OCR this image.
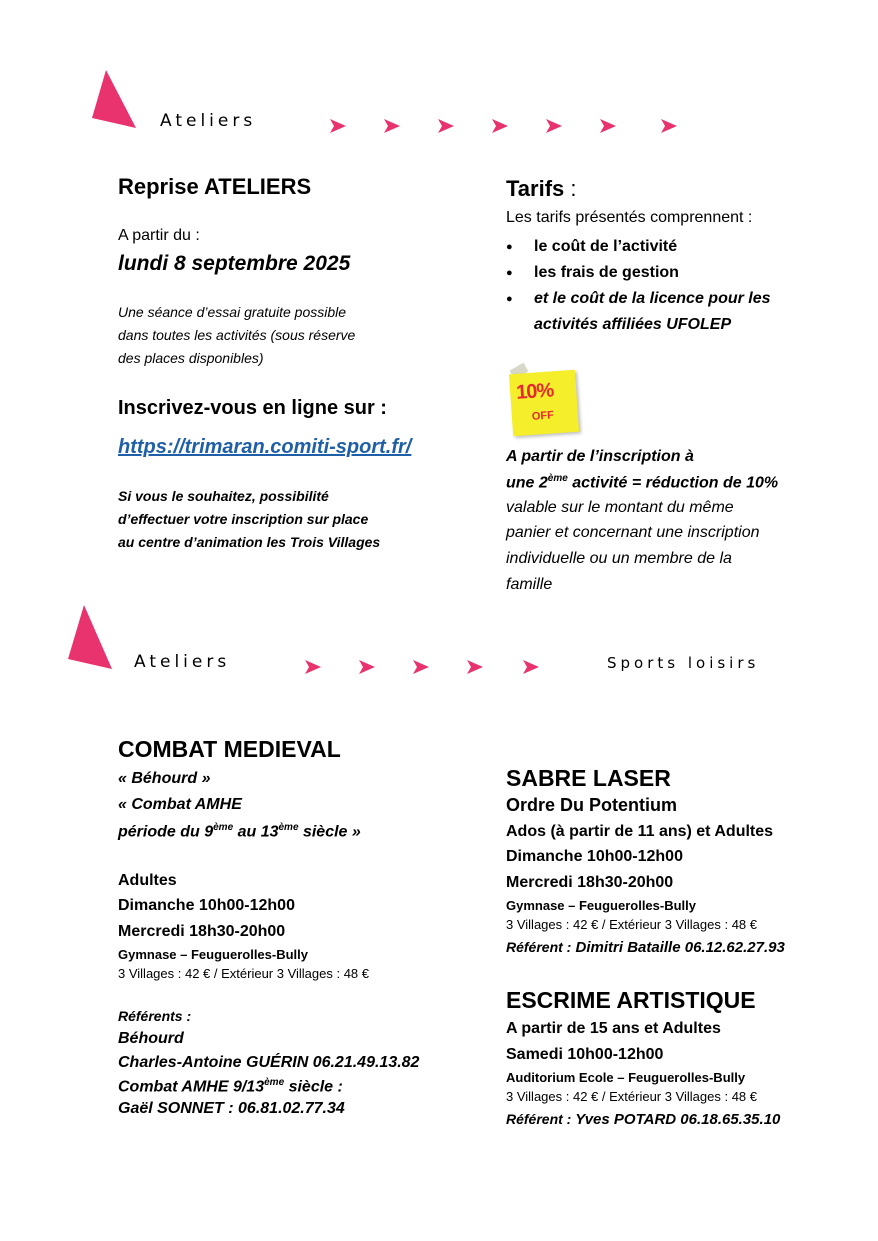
Ateliers
Reprise ATELIERS
A partir du :
lundi 8 septembre 2025
Une séance d’essai gratuite possible
dans toutes les activités (sous réserve
des places disponibles)
Inscrivez-vous en ligne sur :
https://trimaran.comiti-sport.fr/
Si vous le souhaitez, possibilité
d’effectuer votre inscription sur place
au centre d’animation les Trois Villages
Tarifs :
Les tarifs présentés comprennent :
● le coût de l’activité
● les frais de gestion
● et le coût de la licence pour les
activités affiliées UFOLEP
10%
OFF
A partir de l’inscription à
une 2ème activité = réduction de 10%
valable sur le montant du même
panier et concernant une inscription
individuelle ou un membre de la
famille
Ateliers	Sports loisirs
COMBAT MEDIEVAL
« Béhourd »
« Combat AMHE
période du 9ème au 13ème siècle »
Adultes
Dimanche 10h00-12h00
Mercredi 18h30-20h00
Gymnase – Feuguerolles-Bully
3 Villages : 42 € / Extérieur 3 Villages : 48 €
Référents :
Béhourd
Charles-Antoine GUÉRIN 06.21.49.13.82
Combat AMHE 9/13ème siècle :
Gaël SONNET : 06.81.02.77.34
SABRE LASER
Ordre Du Potentium
Ados (à partir de 11 ans) et Adultes
Dimanche 10h00-12h00
Mercredi 18h30-20h00
Gymnase – Feuguerolles-Bully
3 Villages : 42 € / Extérieur 3 Villages : 48 €
Référent : Dimitri Bataille 06.12.62.27.93
ESCRIME ARTISTIQUE
A partir de 15 ans et Adultes
Samedi 10h00-12h00
Auditorium Ecole – Feuguerolles-Bully
3 Villages : 42 € / Extérieur 3 Villages : 48 €
Référent : Yves POTARD 06.18.65.35.10
